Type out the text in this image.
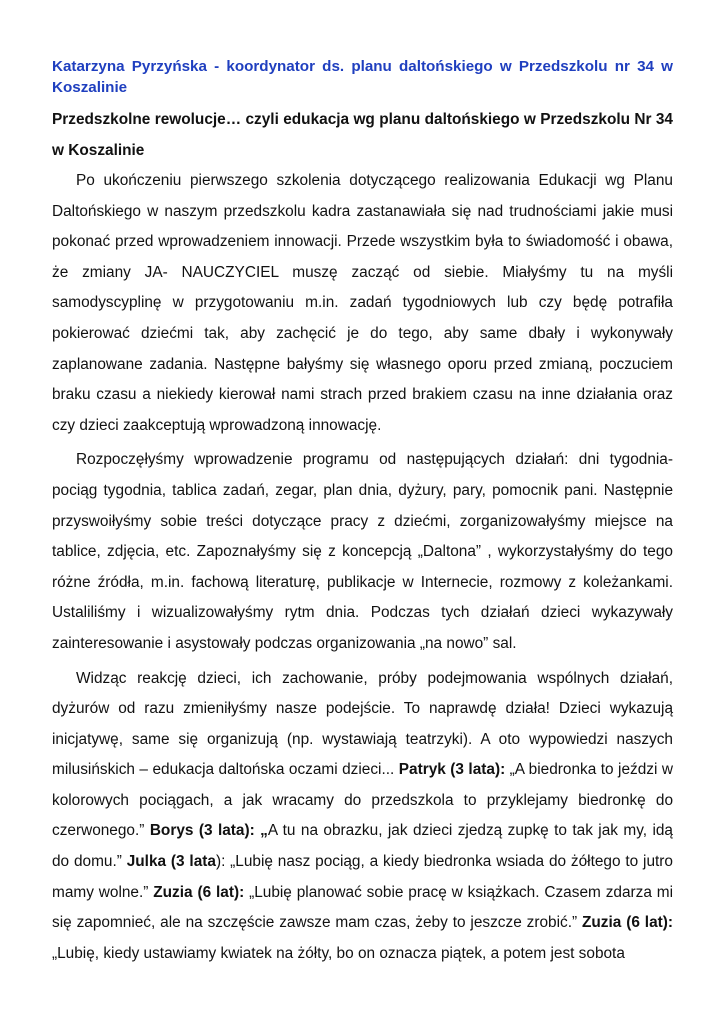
Katarzyna Pyrzyńska - koordynator ds. planu daltońskiego w Przedszkolu nr 34 w Koszalinie
Przedszkolne rewolucje… czyli edukacja wg planu daltońskiego w Przedszkolu Nr 34 w Koszalinie

Po ukończeniu pierwszego szkolenia dotyczącego realizowania Edukacji wg Planu Daltońskiego w naszym przedszkolu kadra zastanawiała się nad trudnościami jakie musi pokonać przed wprowadzeniem innowacji. Przede wszystkim była to świadomość i obawa, że zmiany JA- NAUCZYCIEL muszę zacząć od siebie. Miałyśmy tu na myśli samodyscyplinę w przygotowaniu m.in. zadań tygodniowych lub czy będę potrafiła pokierować dziećmi tak, aby zachęcić je do tego, aby same dbały i wykonywały zaplanowane zadania. Następne bałyśmy się własnego oporu przed zmianą, poczuciem braku czasu a niekiedy kierował nami strach przed brakiem czasu na inne działania oraz czy dzieci zaakceptują wprowadzoną innowację.

Rozpoczęłyśmy wprowadzenie programu od następujących działań: dni tygodnia- pociąg tygodnia, tablica zadań, zegar, plan dnia, dyżury, pary, pomocnik pani. Następnie przyswoiłyśmy sobie treści dotyczące pracy z dziećmi, zorganizowałyśmy miejsce na tablice, zdjęcia, etc. Zapoznałyśmy się z koncepcją „Daltona” , wykorzystałyśmy do tego różne źródła, m.in. fachową literaturę, publikacje w Internecie, rozmowy z koleżankami. Ustaliliśmy i wizualizowałyśmy rytm dnia. Podczas tych działań dzieci wykazywały zainteresowanie i asystowały podczas organizowania „na nowo” sal.

Widząc reakcję dzieci, ich zachowanie, próby podejmowania wspólnych działań, dyżurów od razu zmieniłyśmy nasze podejście. To naprawdę działa! Dzieci wykazują inicjatywę, same się organizują (np. wystawiają teatrzyki). A oto wypowiedzi naszych milusińskich – edukacja daltońska oczami dzieci... Patryk (3 lata): „A biedronka to jeździ w kolorowych pociągach, a jak wracamy do przedszkola to przyklejamy biedronkę do czerwonego.” Borys (3 lata): „A tu na obrazku, jak dzieci zjedzą zupkę to tak jak my, idą do domu.” Julka (3 lata): „Lubię nasz pociąg, a kiedy biedronka wsiada do żółtego to jutro mamy wolne.” Zuzia (6 lat): „Lubię planować sobie pracę w książkach. Czasem zdarza mi się zapomnieć, ale na szczęście zawsze mam czas, żeby to jeszcze zrobić.” Zuzia (6 lat): „Lubię, kiedy ustawiamy kwiatek na żółty, bo on oznacza piątek, a potem jest sobota
